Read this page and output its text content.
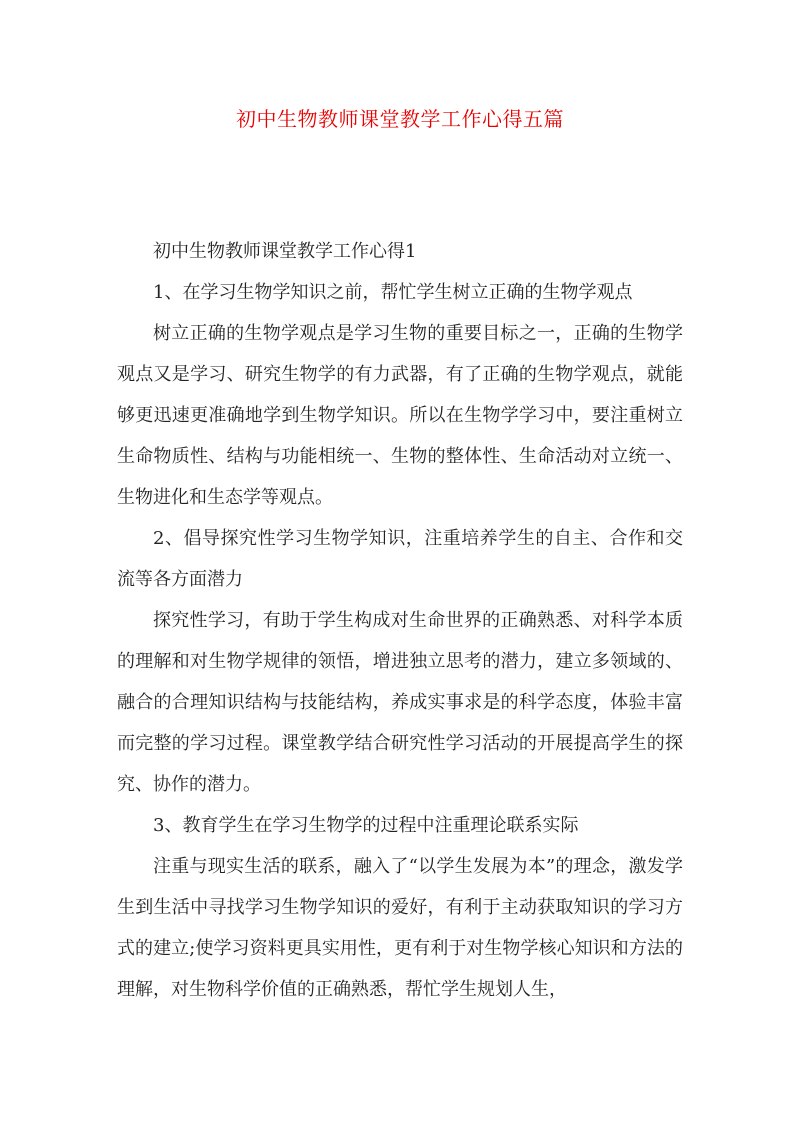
初中生物教师课堂教学工作心得五篇

初中生物教师课堂教学工作心得1

1、在学习生物学知识之前，帮忙学生树立正确的生物学观点

树立正确的生物学观点是学习生物的重要目标之一，正确的生物学观点又是学习、研究生物学的有力武器，有了正确的生物学观点，就能够更迅速更准确地学到生物学知识。所以在生物学学习中，要注重树立生命物质性、结构与功能相统一、生物的整体性、生命活动对立统一、生物进化和生态学等观点。

2、倡导探究性学习生物学知识，注重培养学生的自主、合作和交流等各方面潜力

探究性学习，有助于学生构成对生命世界的正确熟悉、对科学本质的理解和对生物学规律的领悟，增进独立思考的潜力，建立多领域的、融合的合理知识结构与技能结构，养成实事求是的科学态度，体验丰富而完整的学习过程。课堂教学结合研究性学习活动的开展提高学生的探究、协作的潜力。

3、教育学生在学习生物学的过程中注重理论联系实际

注重与现实生活的联系，融入了“以学生发展为本”的理念，激发学生到生活中寻找学习生物学知识的爱好，有利于主动获取知识的学习方式的建立;使学习资料更具实用性，更有利于对生物学核心知识和方法的理解，对生物科学价值的正确熟悉，帮忙学生规划人生，
